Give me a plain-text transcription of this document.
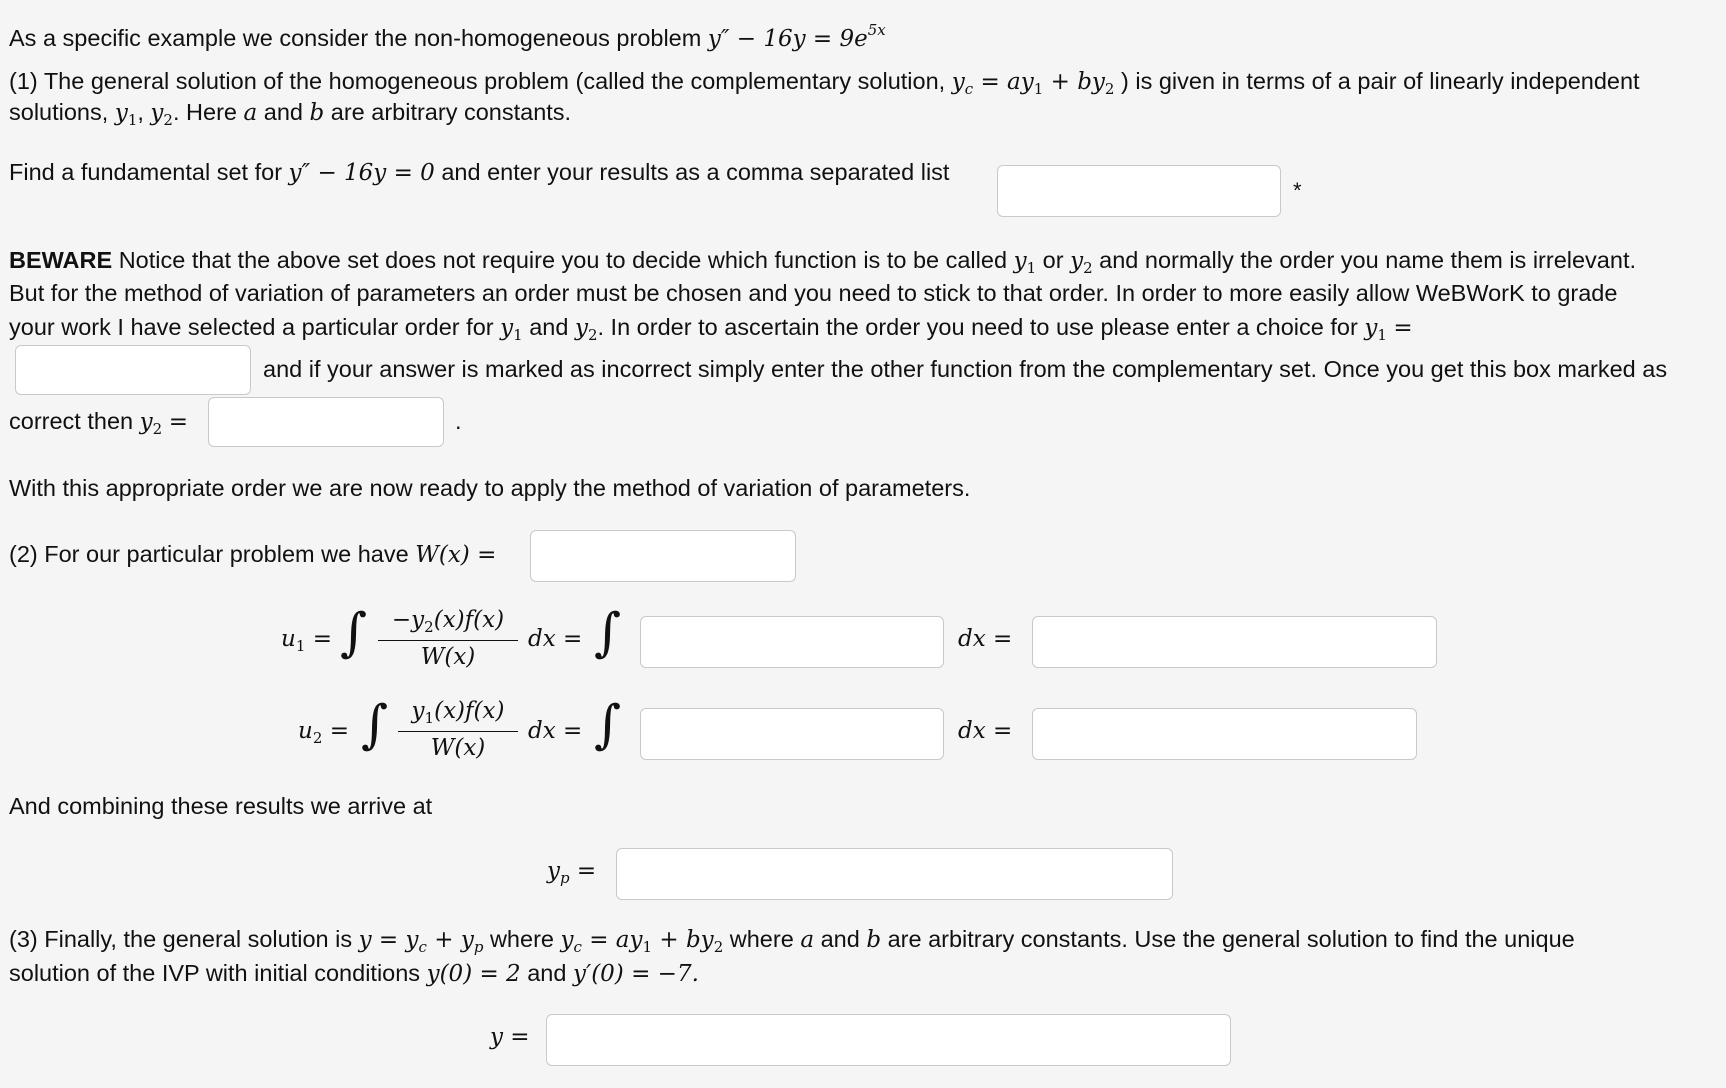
As a specific example we consider the non-homogeneous problem $y'' - 16y = 9e^{5x}$
(1) The general solution of the homogeneous problem (called the complementary solution, $y_c = ay_1 + by_2$ ) is given in terms of a pair of linearly independent
solutions, $y_1$, $y_2$. Here a and b are arbitrary constants.
Find a fundamental set for y″ − 16y = 0 and enter your results as a comma separated list
*
BEWARE Notice that the above set does not require you to decide which function is to be called $y_1$ or $y_2$ and normally the order you name them is irrelevant.
But for the method of variation of parameters an order must be chosen and you need to stick to that order. In order to more easily allow WeBWorK to grade
your work I have selected a particular order for $y_1$ and $y_2$. In order to ascertain the order you need to use please enter a choice for $y_1$ =
and if your answer is marked as incorrect simply enter the other function from the complementary set. Once you get this box marked as
correct then $y_2$ =	.
With this appropriate order we are now ready to apply the method of variation of parameters.
(2) For our particular problem we have W(x) =
$u_1$ = ∫ $\frac{-y_2(x)f(x)}{W(x)}$ dx = ∫	dx =
$u_2$ = ∫ $\frac{y_1(x)f(x)}{W(x)}$ dx = ∫	dx =
And combining these results we arrive at
$y_p$ =
(3) Finally, the general solution is $y = y_c + y_p$ where $y_c = ay_1 + by_2$ where a and b are arbitrary constants. Use the general solution to find the unique
solution of the IVP with initial conditions y(0) = 2 and y′(0) = −7.
y =
